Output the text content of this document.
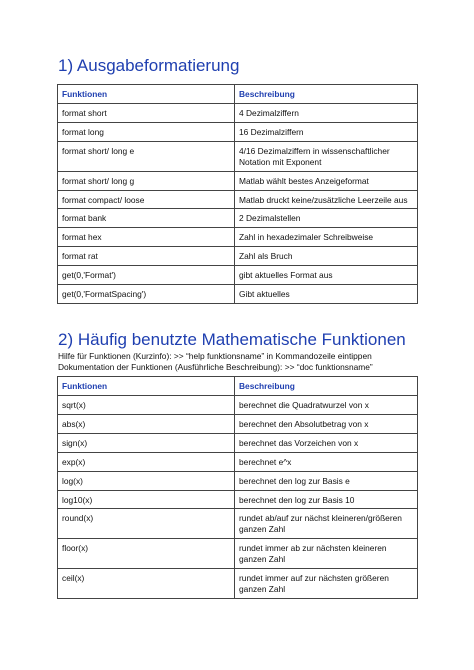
1) Ausgabeformatierung
Funktionen	Beschreibung
format short	4 Dezimalziffern
format long	16 Dezimalziffern
format short/ long e	4/16 Dezimalziffern in wissenschaftlicher Notation mit Exponent
format short/ long g	Matlab wählt bestes Anzeigeformat
format compact/ loose	Matlab druckt keine/zusätzliche Leerzeile aus
format bank	2 Dezimalstellen
format hex	Zahl in hexadezimaler Schreibweise
format rat	Zahl als Bruch
get(0,'Format')	gibt aktuelles Format aus
get(0,'FormatSpacing')	Gibt aktuelles
2) Häufig benutzte Mathematische Funktionen
Hilfe für Funktionen (Kurzinfo): >> “help funktionsname” in Kommandozeile eintippen
Dokumentation der Funktionen (Ausführliche Beschreibung): >> “doc funktionsname”
Funktionen	Beschreibung
sqrt(x)	berechnet die Quadratwurzel von x
abs(x)	berechnet den Absolutbetrag von x
sign(x)	berechnet das Vorzeichen von x
exp(x)	berechnet e^x
log(x)	berechnet den log zur Basis e
log10(x)	berechnet den log zur Basis 10
round(x)	rundet ab/auf zur nächst kleineren/größeren ganzen Zahl
floor(x)	rundet immer ab zur nächsten kleineren ganzen Zahl
ceil(x)	rundet immer auf zur nächsten größeren ganzen Zahl
